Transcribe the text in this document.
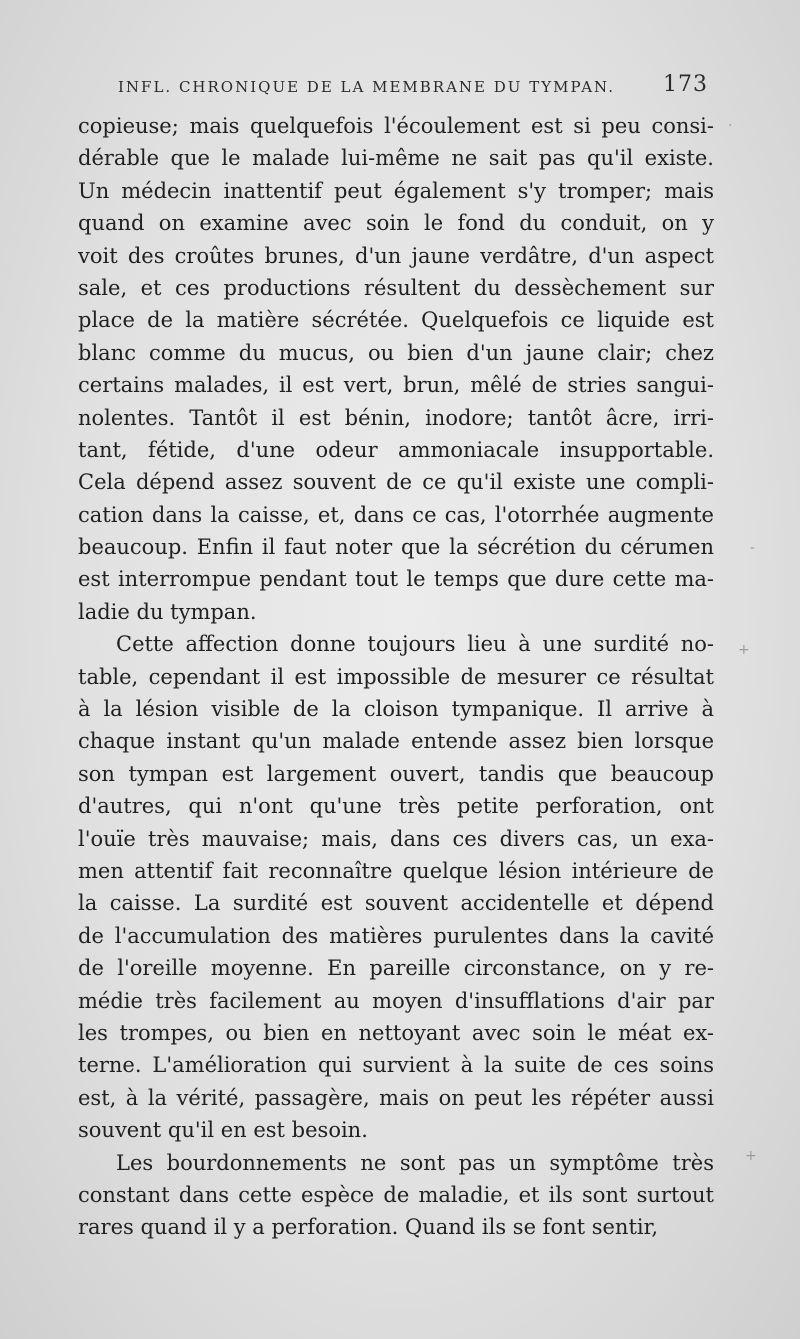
INFL. CHRONIQUE DE LA MEMBRANE DU TYMPAN. 173
copieuse; mais quelquefois l'écoulement est si peu consi-
dérable que le malade lui-même ne sait pas qu'il existe.
Un médecin inattentif peut également s'y tromper; mais
quand on examine avec soin le fond du conduit, on y
voit des croûtes brunes, d'un jaune verdâtre, d'un aspect
sale, et ces productions résultent du dessèchement sur
place de la matière sécrétée. Quelquefois ce liquide est
blanc comme du mucus, ou bien d'un jaune clair; chez
certains malades, il est vert, brun, mêlé de stries sangui-
nolentes. Tantôt il est bénin, inodore; tantôt âcre, irri-
tant, fétide, d'une odeur ammoniacale insupportable.
Cela dépend assez souvent de ce qu'il existe une compli-
cation dans la caisse, et, dans ce cas, l'otorrhée augmente
beaucoup. Enfin il faut noter que la sécrétion du cérumen
est interrompue pendant tout le temps que dure cette ma-
ladie du tympan.
Cette affection donne toujours lieu à une surdité no-
table, cependant il est impossible de mesurer ce résultat
à la lésion visible de la cloison tympanique. Il arrive à
chaque instant qu'un malade entende assez bien lorsque
son tympan est largement ouvert, tandis que beaucoup
d'autres, qui n'ont qu'une très petite perforation, ont
l'ouïe très mauvaise; mais, dans ces divers cas, un exa-
men attentif fait reconnaître quelque lésion intérieure de
la caisse. La surdité est souvent accidentelle et dépend
de l'accumulation des matières purulentes dans la cavité
de l'oreille moyenne. En pareille circonstance, on y re-
médie très facilement au moyen d'insufflations d'air par
les trompes, ou bien en nettoyant avec soin le méat ex-
terne. L'amélioration qui survient à la suite de ces soins
est, à la vérité, passagère, mais on peut les répéter aussi
souvent qu'il en est besoin.
Les bourdonnements ne sont pas un symptôme très
constant dans cette espèce de maladie, et ils sont surtout
rares quand il y a perforation. Quand ils se font sentir,
·
-
+
+
